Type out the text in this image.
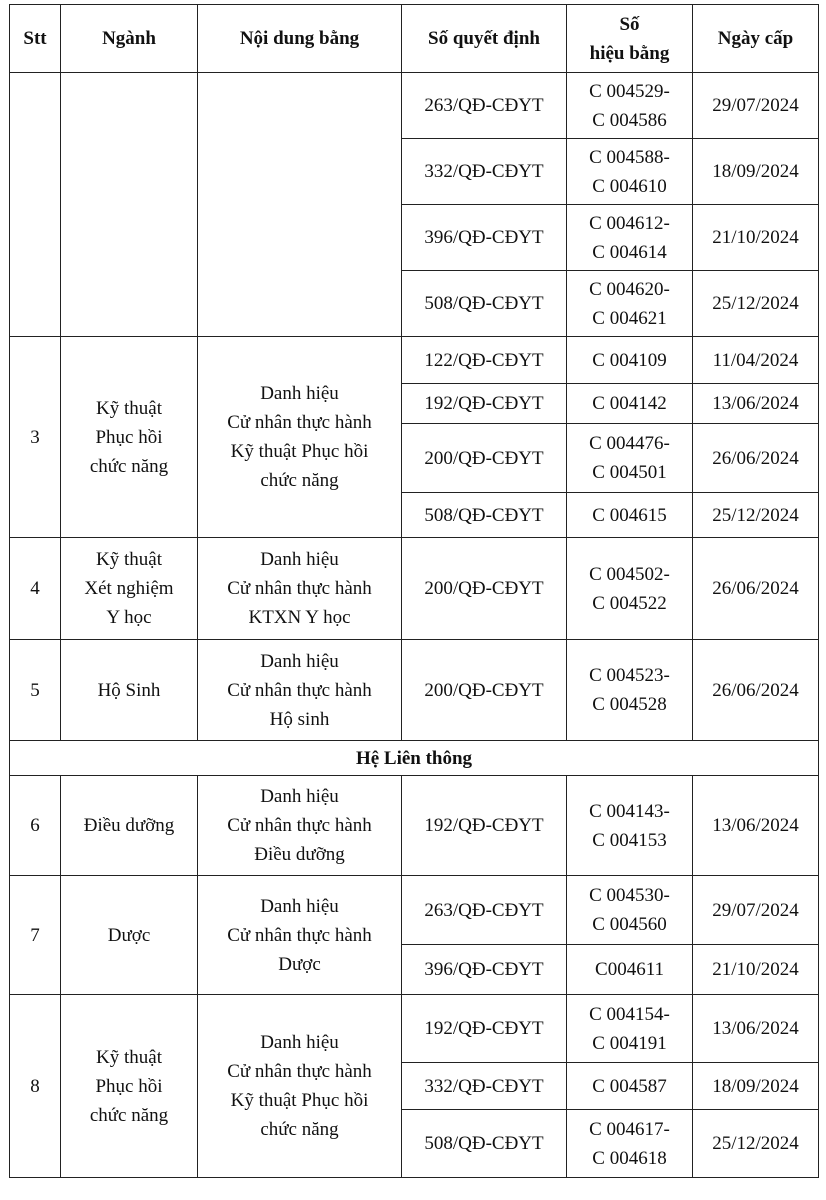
Stt	Ngành	Nội dung bằng	Số quyết định	Số
hiệu bằng	Ngày cấp
			263/QĐ-CĐYT	C 004529-
C 004586	29/07/2024
			332/QĐ-CĐYT	C 004588-
C 004610	18/09/2024
			396/QĐ-CĐYT	C 004612-
C 004614	21/10/2024
			508/QĐ-CĐYT	C 004620-
C 004621	25/12/2024
3	Kỹ thuật
Phục hồi
chức năng	Danh hiệu
Cử nhân thực hành
Kỹ thuật Phục hồi
chức năng	122/QĐ-CĐYT	C 004109	11/04/2024
			192/QĐ-CĐYT	C 004142	13/06/2024
			200/QĐ-CĐYT	C 004476-
C 004501	26/06/2024
			508/QĐ-CĐYT	C 004615	25/12/2024
4	Kỹ thuật
Xét nghiệm
Y học	Danh hiệu
Cử nhân thực hành
KTXN Y học	200/QĐ-CĐYT	C 004502-
C 004522	26/06/2024
5	Hộ Sinh	Danh hiệu
Cử nhân thực hành
Hộ sinh	200/QĐ-CĐYT	C 004523-
C 004528	26/06/2024
Hệ Liên thông					
6	Điều dưỡng	Danh hiệu
Cử nhân thực hành
Điều dưỡng	192/QĐ-CĐYT	C 004143-
C 004153	13/06/2024
7	Dược	Danh hiệu
Cử nhân thực hành
Dược	263/QĐ-CĐYT	C 004530-
C 004560	29/07/2024
			396/QĐ-CĐYT	C004611	21/10/2024
8	Kỹ thuật
Phục hồi
chức năng	Danh hiệu
Cử nhân thực hành
Kỹ thuật Phục hồi
chức năng	192/QĐ-CĐYT	C 004154-
C 004191	13/06/2024
			332/QĐ-CĐYT	C 004587	18/09/2024
			508/QĐ-CĐYT	C 004617-
C 004618	25/12/2024
